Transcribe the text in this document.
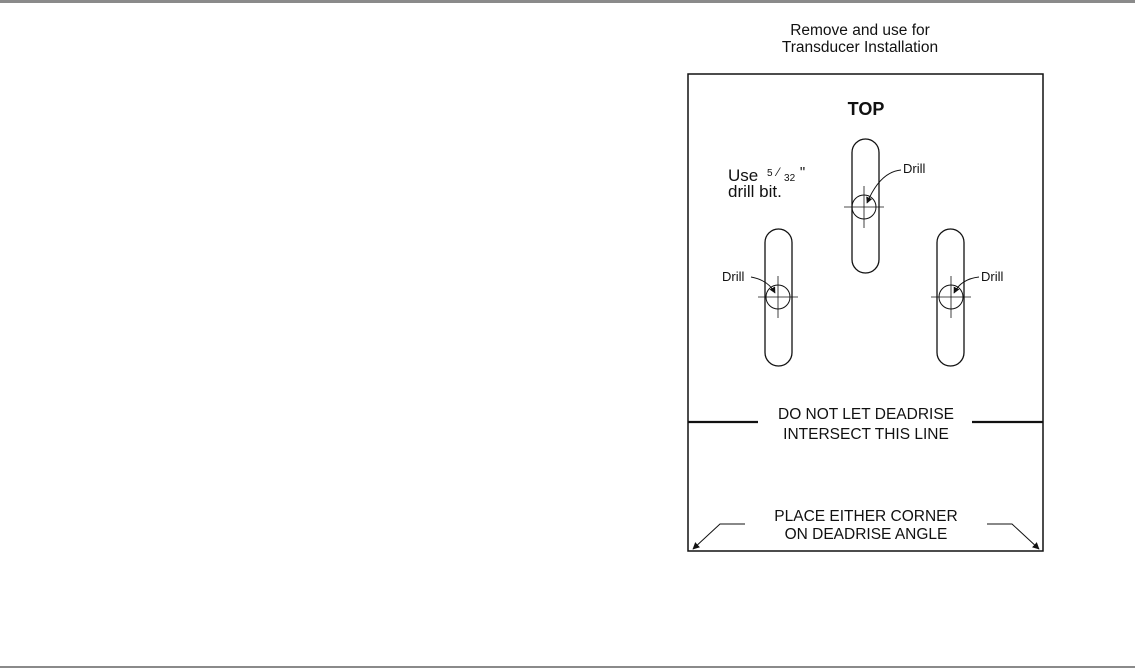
Remove and use for
Transducer Installation
TOP
Use $^5$ ⁄ $_{32}$ "
drill bit.
Drill
Drill	Drill
DO NOT LET DEADRISE
INTERSECT THIS LINE
PLACE EITHER CORNER
ON DEADRISE ANGLE
